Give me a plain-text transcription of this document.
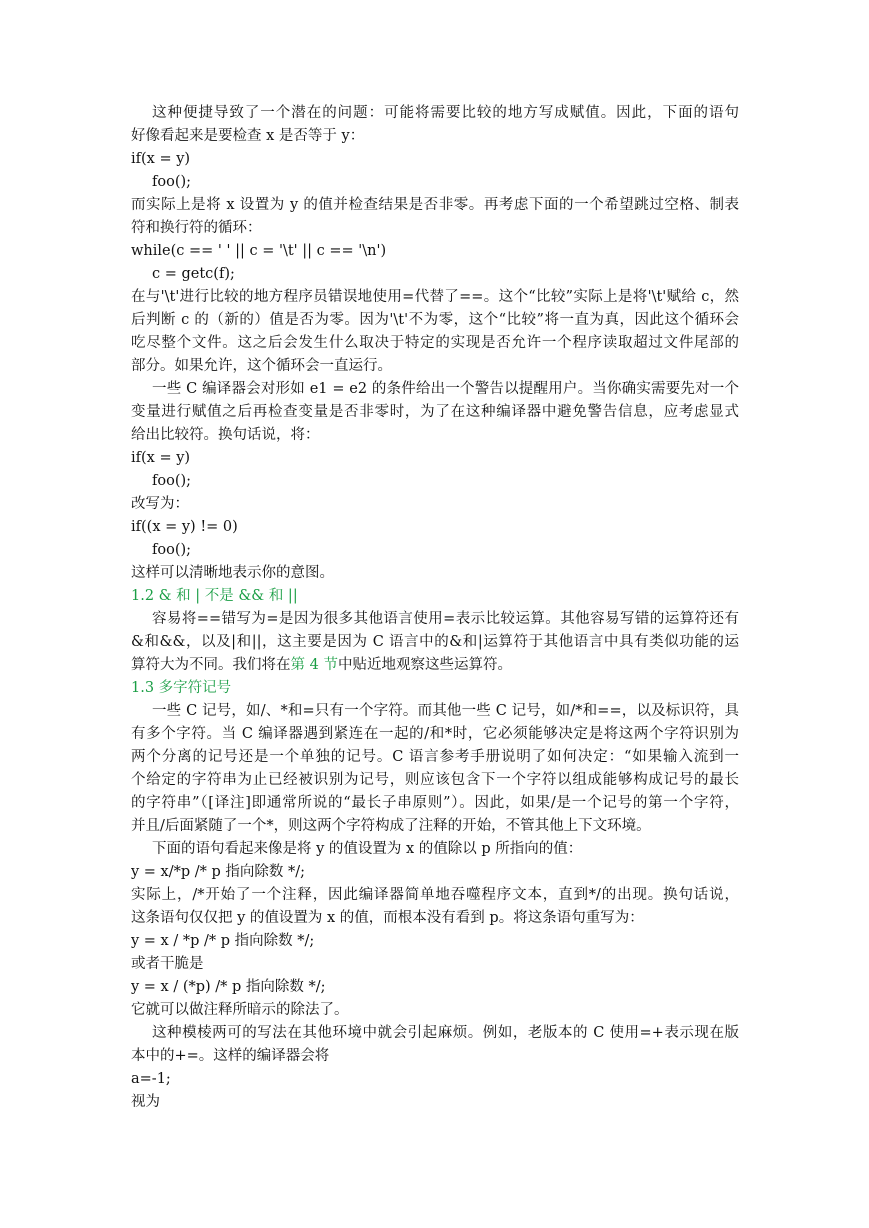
这种便捷导致了一个潜在的问题：可能将需要比较的地方写成赋值。因此，下面的语句

好像看起来是要检查 x 是否等于 y：

if(x = y)

foo();

而实际上是将 x 设置为 y 的值并检查结果是否非零。再考虑下面的一个希望跳过空格、制表

符和换行符的循环：

while(c == ' ' || c = '\t' || c == '\n')

c = getc(f);

在与'\t'进行比较的地方程序员错误地使用=代替了==。这个“比较”实际上是将'\t'赋给 c，然

后判断 c 的（新的）值是否为零。因为'\t'不为零，这个“比较”将一直为真，因此这个循环会

吃尽整个文件。这之后会发生什么取决于特定的实现是否允许一个程序读取超过文件尾部的

部分。如果允许，这个循环会一直运行。

一些 C 编译器会对形如 e1 = e2 的条件给出一个警告以提醒用户。当你确实需要先对一个

变量进行赋值之后再检查变量是否非零时，为了在这种编译器中避免警告信息，应考虑显式

给出比较符。换句话说，将：

if(x = y)

foo();

改写为：

if((x = y) != 0)

foo();

这样可以清晰地表示你的意图。

1.2 & 和 | 不是 && 和 ||

容易将==错写为=是因为很多其他语言使用=表示比较运算。其他容易写错的运算符还有

&和&&，以及|和||，这主要是因为 C 语言中的&和|运算符于其他语言中具有类似功能的运

算符大为不同。我们将在第 4 节中贴近地观察这些运算符。

1.3 多字符记号

一些 C 记号，如/、*和=只有一个字符。而其他一些 C 记号，如/*和==，以及标识符，具

有多个字符。当 C 编译器遇到紧连在一起的/和*时，它必须能够决定是将这两个字符识别为

两个分离的记号还是一个单独的记号。C 语言参考手册说明了如何决定：“如果输入流到一

个给定的字符串为止已经被识别为记号，则应该包含下一个字符以组成能够构成记号的最长

的字符串”（[译注]即通常所说的“最长子串原则”）。因此，如果/是一个记号的第一个字符，

并且/后面紧随了一个*，则这两个字符构成了注释的开始，不管其他上下文环境。

下面的语句看起来像是将 y 的值设置为 x 的值除以 p 所指向的值：

y = x/*p /* p 指向除数 */;

实际上，/*开始了一个注释，因此编译器简单地吞噬程序文本，直到*/的出现。换句话说，

这条语句仅仅把 y 的值设置为 x 的值，而根本没有看到 p。将这条语句重写为：

y = x / *p /* p 指向除数 */;

或者干脆是

y = x / (*p) /* p 指向除数 */;

它就可以做注释所暗示的除法了。

这种模棱两可的写法在其他环境中就会引起麻烦。例如，老版本的 C 使用=+表示现在版

本中的+=。这样的编译器会将

a=-1;

视为
